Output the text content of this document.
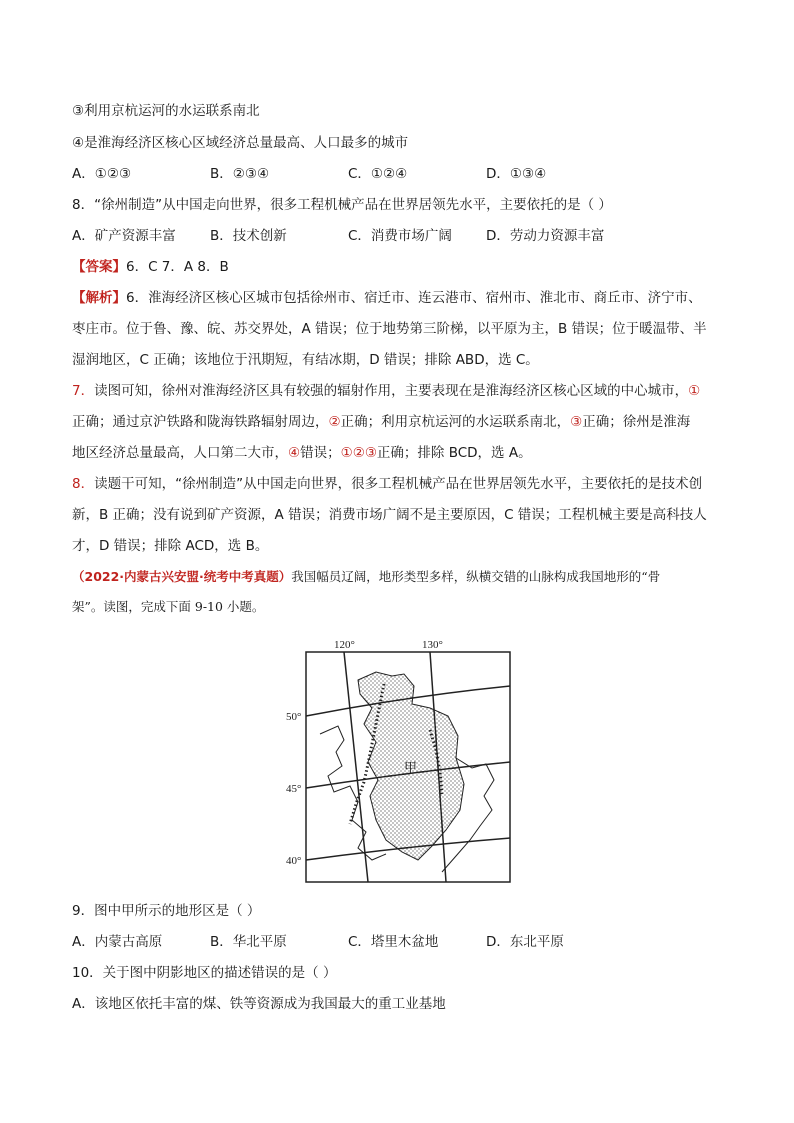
③利用京杭运河的水运联系南北
④是淮海经济区核心区域经济总量最高、人口最多的城市
A．①②③	B．②③④	C．①②④	D．①③④
8．“徐州制造”从中国走向世界，很多工程机械产品在世界居领先水平，主要依托的是（ ）
A．矿产资源丰富	B．技术创新	C．消费市场广阔	D．劳动力资源丰富
【答案】6．C 7．A 8．B
【解析】6．淮海经济区核心区城市包括徐州市、宿迁市、连云港市、宿州市、淮北市、商丘市、济宁市、
枣庄市。位于鲁、豫、皖、苏交界处，A 错误；位于地势第三阶梯，以平原为主，B 错误；位于暖温带、半
湿润地区，C 正确；该地位于汛期短，有结冰期，D 错误；排除 ABD，选 C。
7．读图可知，徐州对淮海经济区具有较强的辐射作用，主要表现在是淮海经济区核心区域的中心城市，①
正确；通过京沪铁路和陇海铁路辐射周边，②正确；利用京杭运河的水运联系南北，③正确；徐州是淮海
地区经济总量最高，人口第二大市，④错误；①②③正确；排除 BCD，选 A。
8．读题干可知，“徐州制造”从中国走向世界，很多工程机械产品在世界居领先水平，主要依托的是技术创
新，B 正确；没有说到矿产资源，A 错误；消费市场广阔不是主要原因，C 错误；工程机械主要是高科技人
才，D 错误；排除 ACD，选 B。
（2022·内蒙古兴安盟·统考中考真题）我国幅员辽阔，地形类型多样，纵横交错的山脉构成我国地形的“骨
架”。读图，完成下面 9-10 小题。
120°	130°
50°
45°
40°
甲
9．图中甲所示的地形区是（ ）
A．内蒙古高原	B．华北平原	C．塔里木盆地	D．东北平原
10．关于图中阴影地区的描述错误的是（ ）
A．该地区依托丰富的煤、铁等资源成为我国最大的重工业基地
